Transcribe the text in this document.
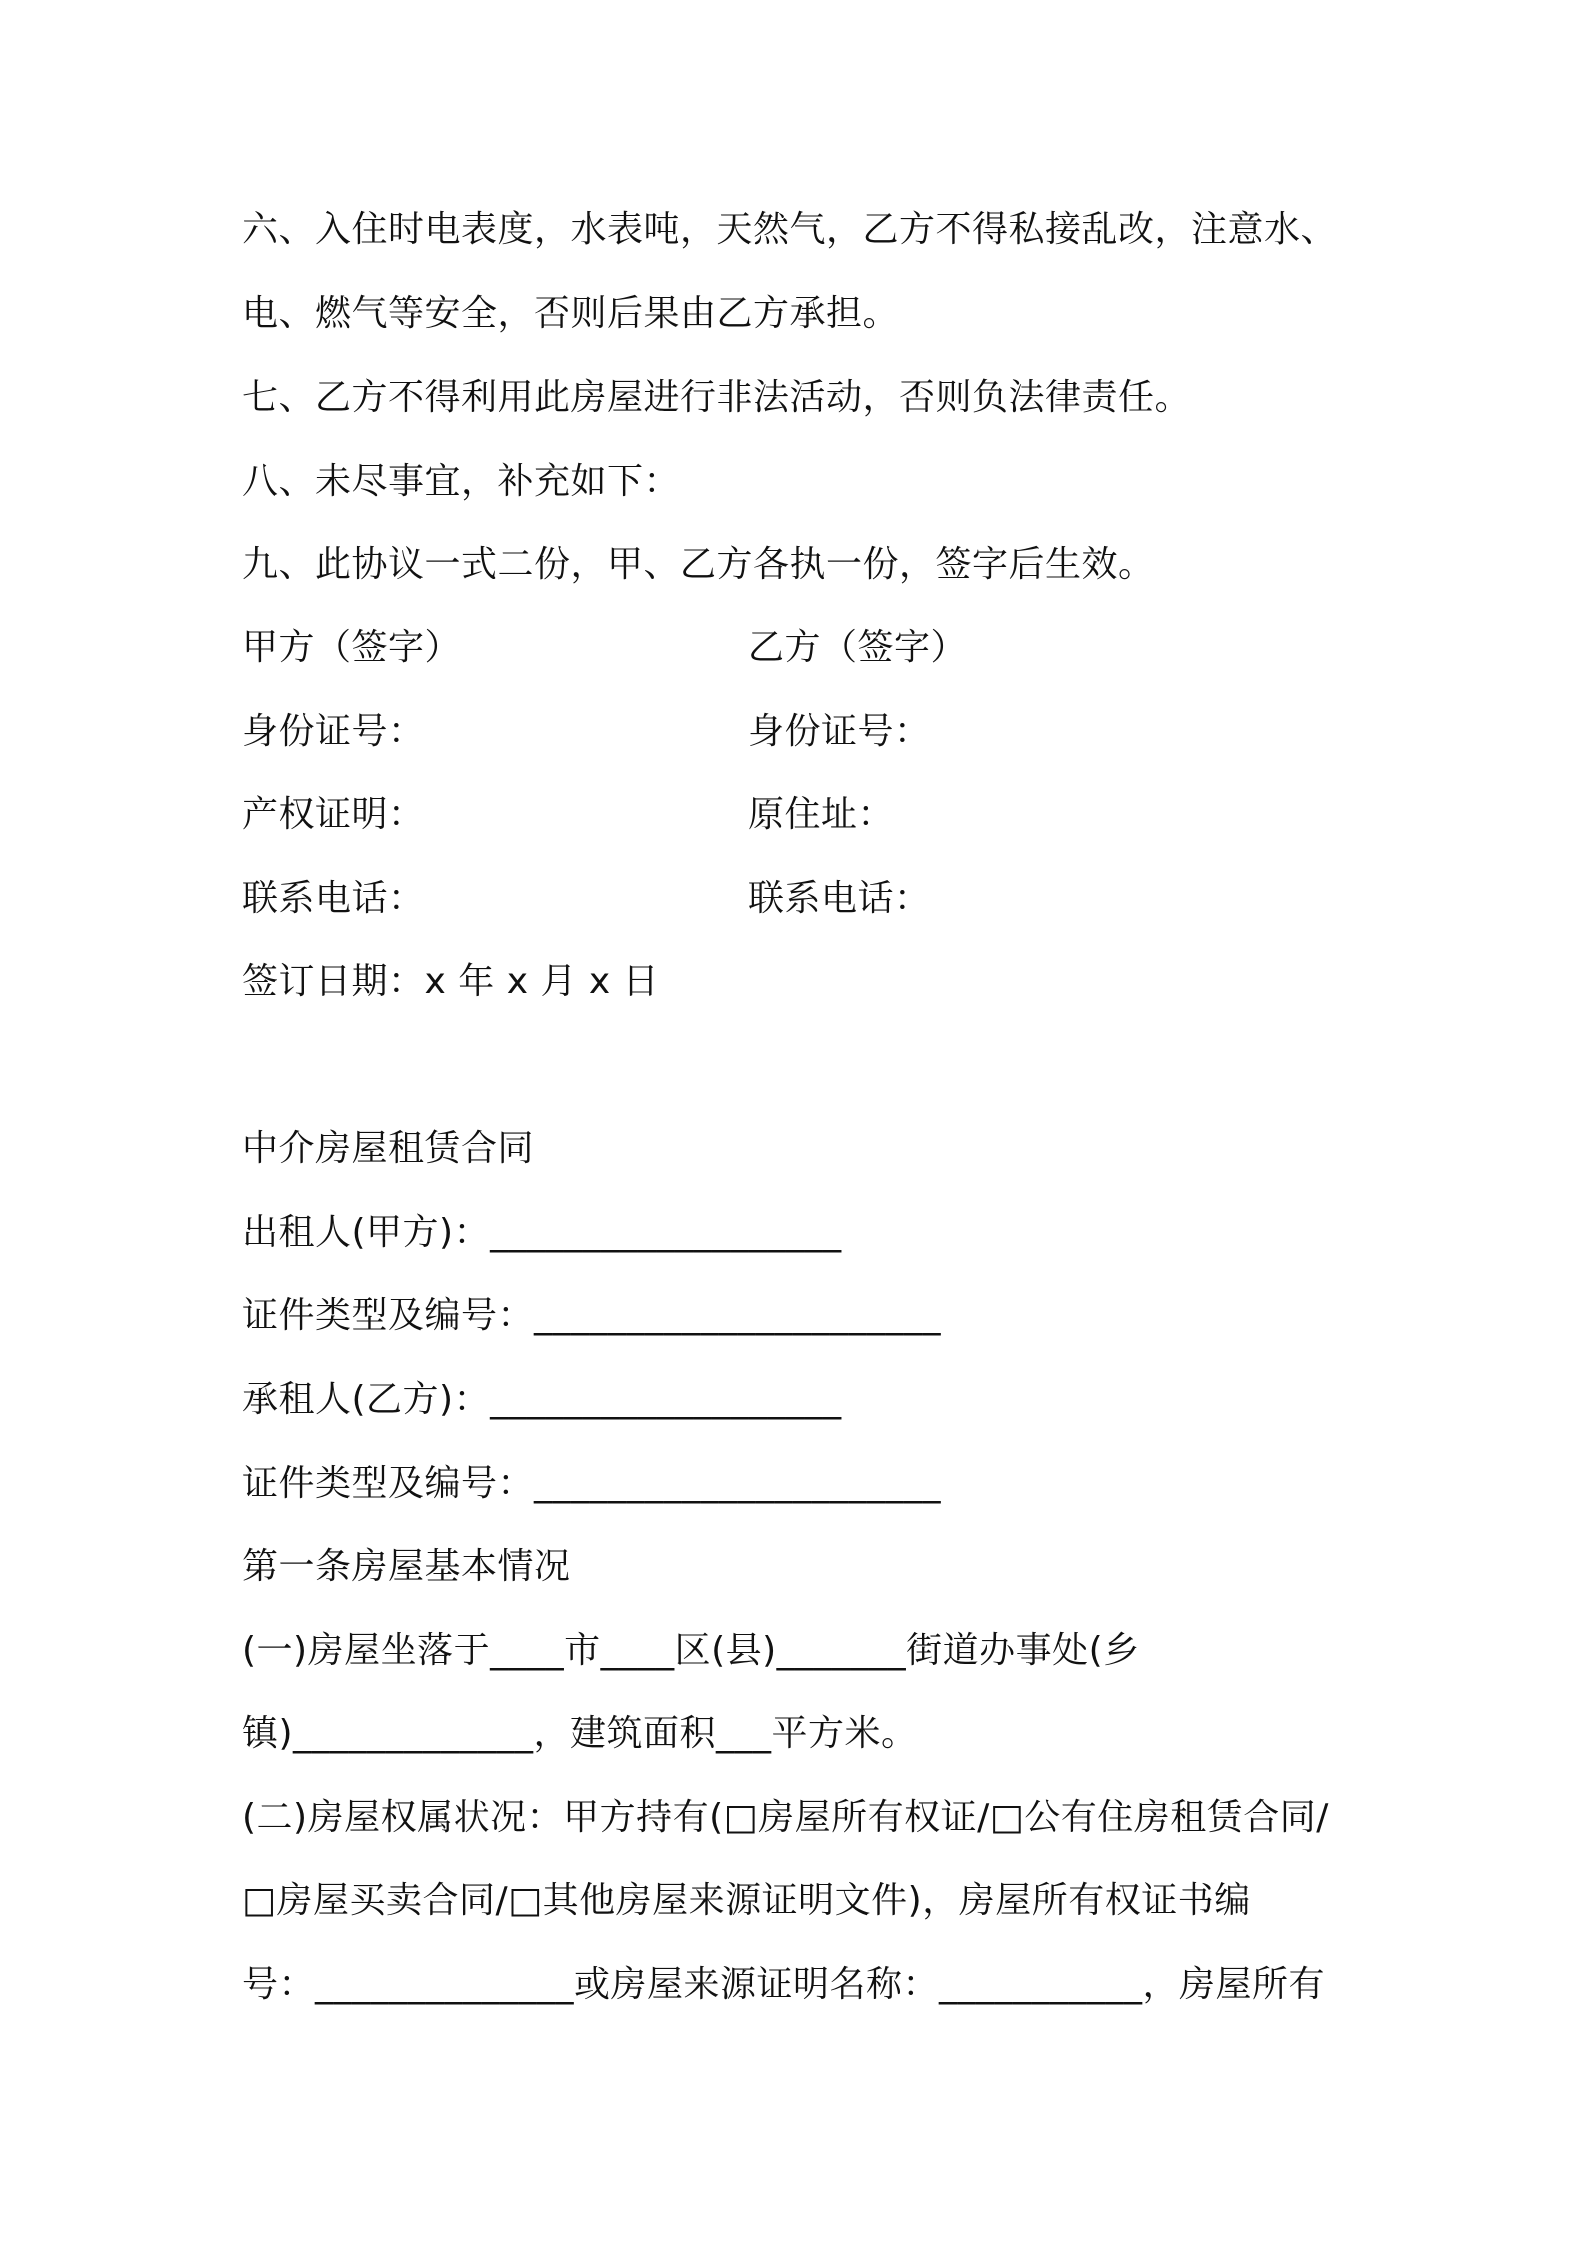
六、入住时电表度，水表吨，天然气，乙方不得私接乱改，注意水、
电、燃气等安全，否则后果由乙方承担。
七、乙方不得利用此房屋进行非法活动，否则负法律责任。
八、未尽事宜，补充如下：
九、此协议一式二份，甲、乙方各执一份，签字后生效。
甲方（签字）	乙方（签字）
身份证号：	身份证号：
产权证明：	原住址：
联系电话：	联系电话：
签订日期：x 年 x 月 x 日
中介房屋租赁合同
出租人(甲方)：___________________
证件类型及编号：______________________
承租人(乙方)：___________________
证件类型及编号：______________________
第一条房屋基本情况
(一)房屋坐落于____市____区(县)_______街道办事处(乡
镇)_____________，建筑面积___平方米。
(二)房屋权属状况：甲方持有(□房屋所有权证/□公有住房租赁合同/
□房屋买卖合同/□其他房屋来源证明文件)，房屋所有权证书编
号：______________或房屋来源证明名称：___________，房屋所有
